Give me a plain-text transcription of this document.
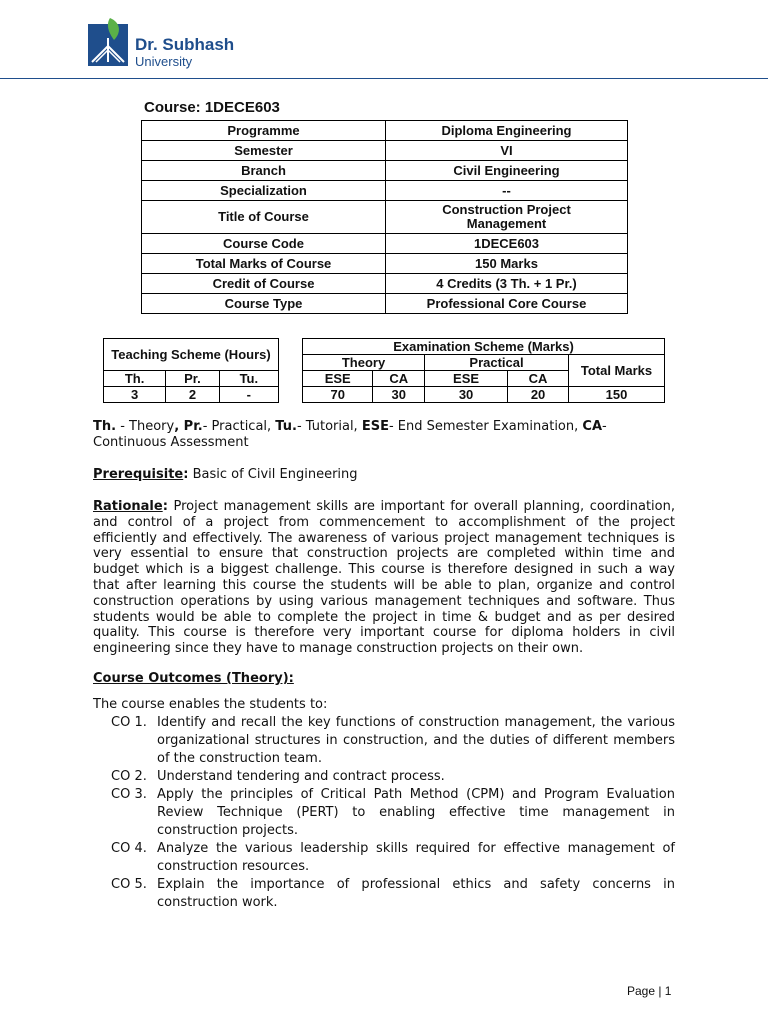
Dr. Subhash
University
Course: 1DECE603
Programme	Diploma Engineering
Semester	VI
Branch	Civil Engineering
Specialization	--
Title of Course	Construction Project Management
Course Code	1DECE603
Total Marks of Course	150 Marks
Credit of Course	4 Credits (3 Th. + 1 Pr.)
Course Type	Professional Core Course
Teaching Scheme (Hours)		
Th.	Pr.	Tu.
3	2	-
Examination Scheme (Marks)				
Theory		Practical		Total Marks
ESE	CA	ESE	CA	
70	30	30	20	150
Th. - Theory, Pr.- Practical, Tu.- Tutorial, ESE- End Semester Examination, CA- Continuous Assessment
Prerequisite: Basic of Civil Engineering
Rationale: Project management skills are important for overall planning, coordination, and control of a project from commencement to accomplishment of the project efficiently and effectively. The awareness of various project management techniques is very essential to ensure that construction projects are completed within time and budget which is a biggest challenge. This course is therefore designed in such a way that after learning this course the students will be able to plan, organize and control construction operations by using various management techniques and software. Thus students would be able to complete the project in time & budget and as per desired quality. This course is therefore very important course for diploma holders in civil engineering since they have to manage construction projects on their own.
Course Outcomes (Theory):
The course enables the students to:
CO 1. Identify and recall the key functions of construction management, the various organizational structures in construction, and the duties of different members of the construction team.
CO 2. Understand tendering and contract process.
CO 3. Apply the principles of Critical Path Method (CPM) and Program Evaluation Review Technique (PERT) to enabling effective time management in construction projects.
CO 4. Analyze the various leadership skills required for effective management of construction resources.
CO 5. Explain the importance of professional ethics and safety concerns in construction work.
Page | 1
